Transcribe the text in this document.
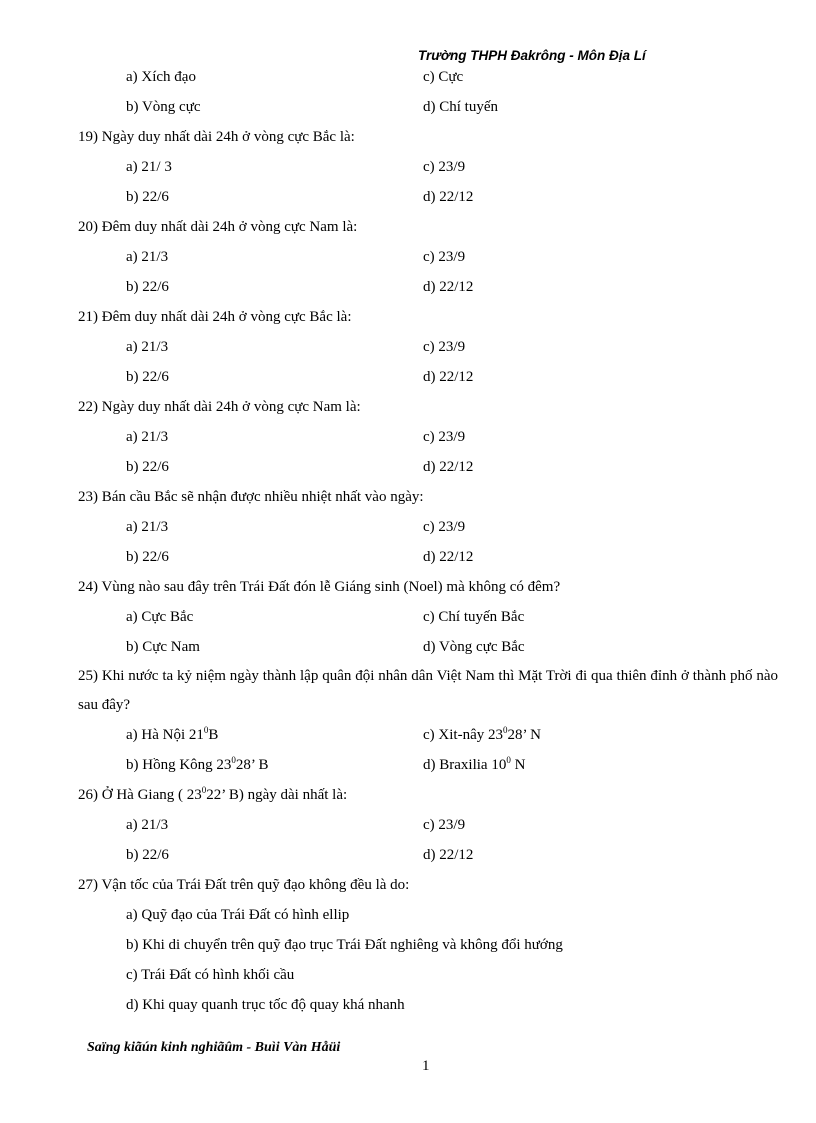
Trường THPH Đakrông - Môn Địa Lí
a) Xích đạo	c) Cực
b) Vòng cực	d) Chí tuyến
19) Ngày duy nhất dài 24h ở vòng cực Bắc là:
a) 21/ 3	c) 23/9
b) 22/6	d) 22/12
20) Đêm duy nhất dài 24h ở vòng cực Nam là:
a) 21/3	c) 23/9
b) 22/6	d) 22/12
21) Đêm duy nhất dài 24h ở vòng cực Bắc là:
a) 21/3	c) 23/9
b) 22/6	d) 22/12
22) Ngày duy nhất dài 24h ở vòng cực Nam là:
a) 21/3	c) 23/9
b) 22/6	d) 22/12
23) Bán cầu Bắc sẽ nhận được nhiều nhiệt nhất vào ngày:
a) 21/3	c) 23/9
b) 22/6	d) 22/12
24) Vùng nào sau đây trên Trái Đất đón lễ Giáng sinh (Noel) mà không có đêm?
a) Cực Bắc	c) Chí tuyến Bắc
b) Cực Nam	d) Vòng cực Bắc
25) Khi nước ta kỷ niệm ngày thành lập quân đội nhân dân Việt Nam thì Mặt Trời đi qua thiên đỉnh ở thành phố nào sau đây?
a) Hà Nội $21^0B$	c) Xit-nây $23^028$’ N
b) Hồng Kông $23^028$’ B	d) Braxilia $10^0$ N
26) Ở Hà Giang ( $23^022$’ B) ngày dài nhất là:
a) 21/3	c) 23/9
b) 22/6	d) 22/12
27) Vận tốc của Trái Đất trên quỹ đạo không đều là do:
a) Quỹ đạo của Trái Đất có hình ellip
b) Khi di chuyển trên quỹ đạo trục Trái Đất nghiêng và không đổi hướng
c) Trái Đất có hình khối cầu
d) Khi quay quanh trục tốc độ quay khá nhanh
Saïng kiãún kinh nghiãûm - Buìi Vàn Håüi
1
